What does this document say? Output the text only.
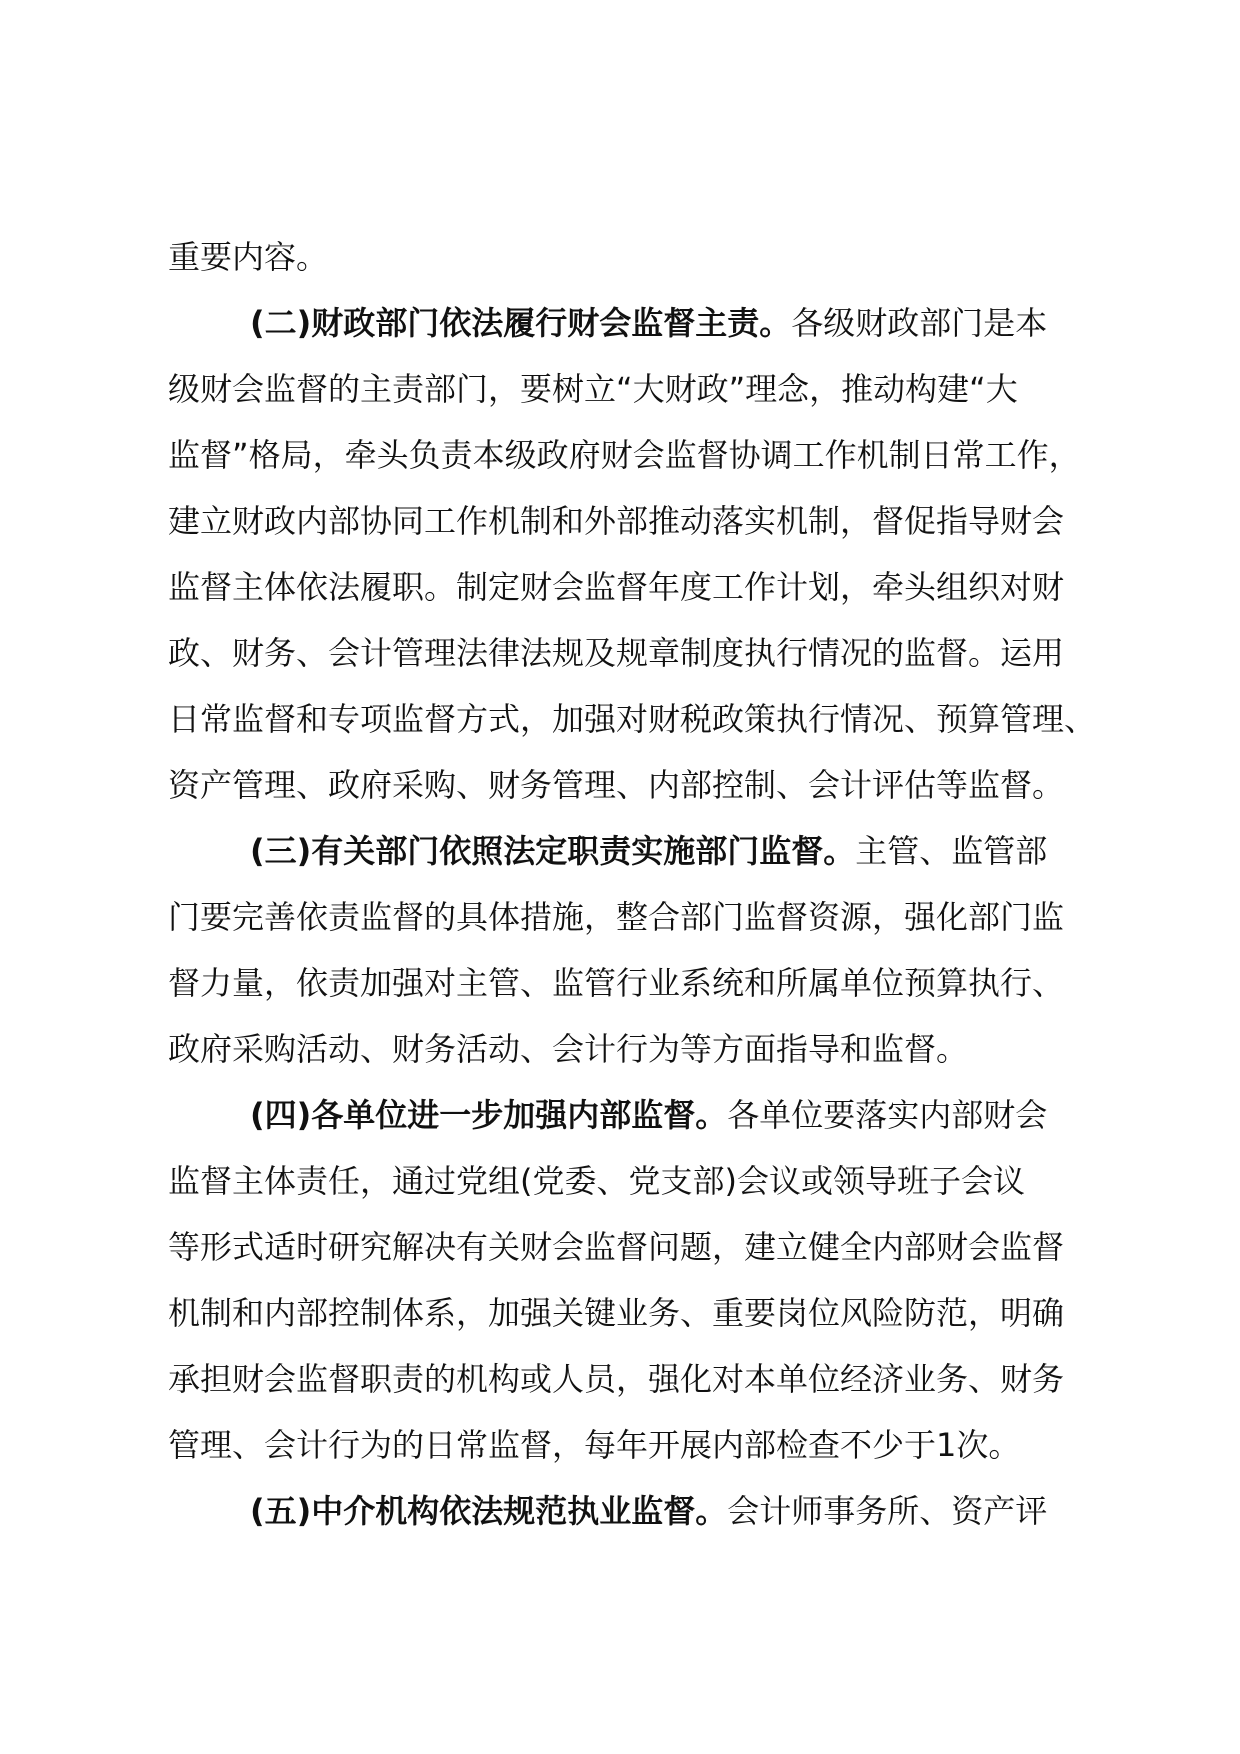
重要内容。
(二)财政部门依法履行财会监督主责。各级财政部门是本
级财会监督的主责部门，要树立“大财政”理念，推动构建“大
监督”格局，牵头负责本级政府财会监督协调工作机制日常工作，
建立财政内部协同工作机制和外部推动落实机制，督促指导财会
监督主体依法履职。制定财会监督年度工作计划，牵头组织对财
政、财务、会计管理法律法规及规章制度执行情况的监督。运用
日常监督和专项监督方式，加强对财税政策执行情况、预算管理、
资产管理、政府采购、财务管理、内部控制、会计评估等监督。
(三)有关部门依照法定职责实施部门监督。主管、监管部
门要完善依责监督的具体措施，整合部门监督资源，强化部门监
督力量，依责加强对主管、监管行业系统和所属单位预算执行、
政府采购活动、财务活动、会计行为等方面指导和监督。
(四)各单位进一步加强内部监督。各单位要落实内部财会
监督主体责任，通过党组(党委、党支部)会议或领导班子会议
等形式适时研究解决有关财会监督问题，建立健全内部财会监督
机制和内部控制体系，加强关键业务、重要岗位风险防范，明确
承担财会监督职责的机构或人员，强化对本单位经济业务、财务
管理、会计行为的日常监督，每年开展内部检查不少于1次。
(五)中介机构依法规范执业监督。会计师事务所、资产评
